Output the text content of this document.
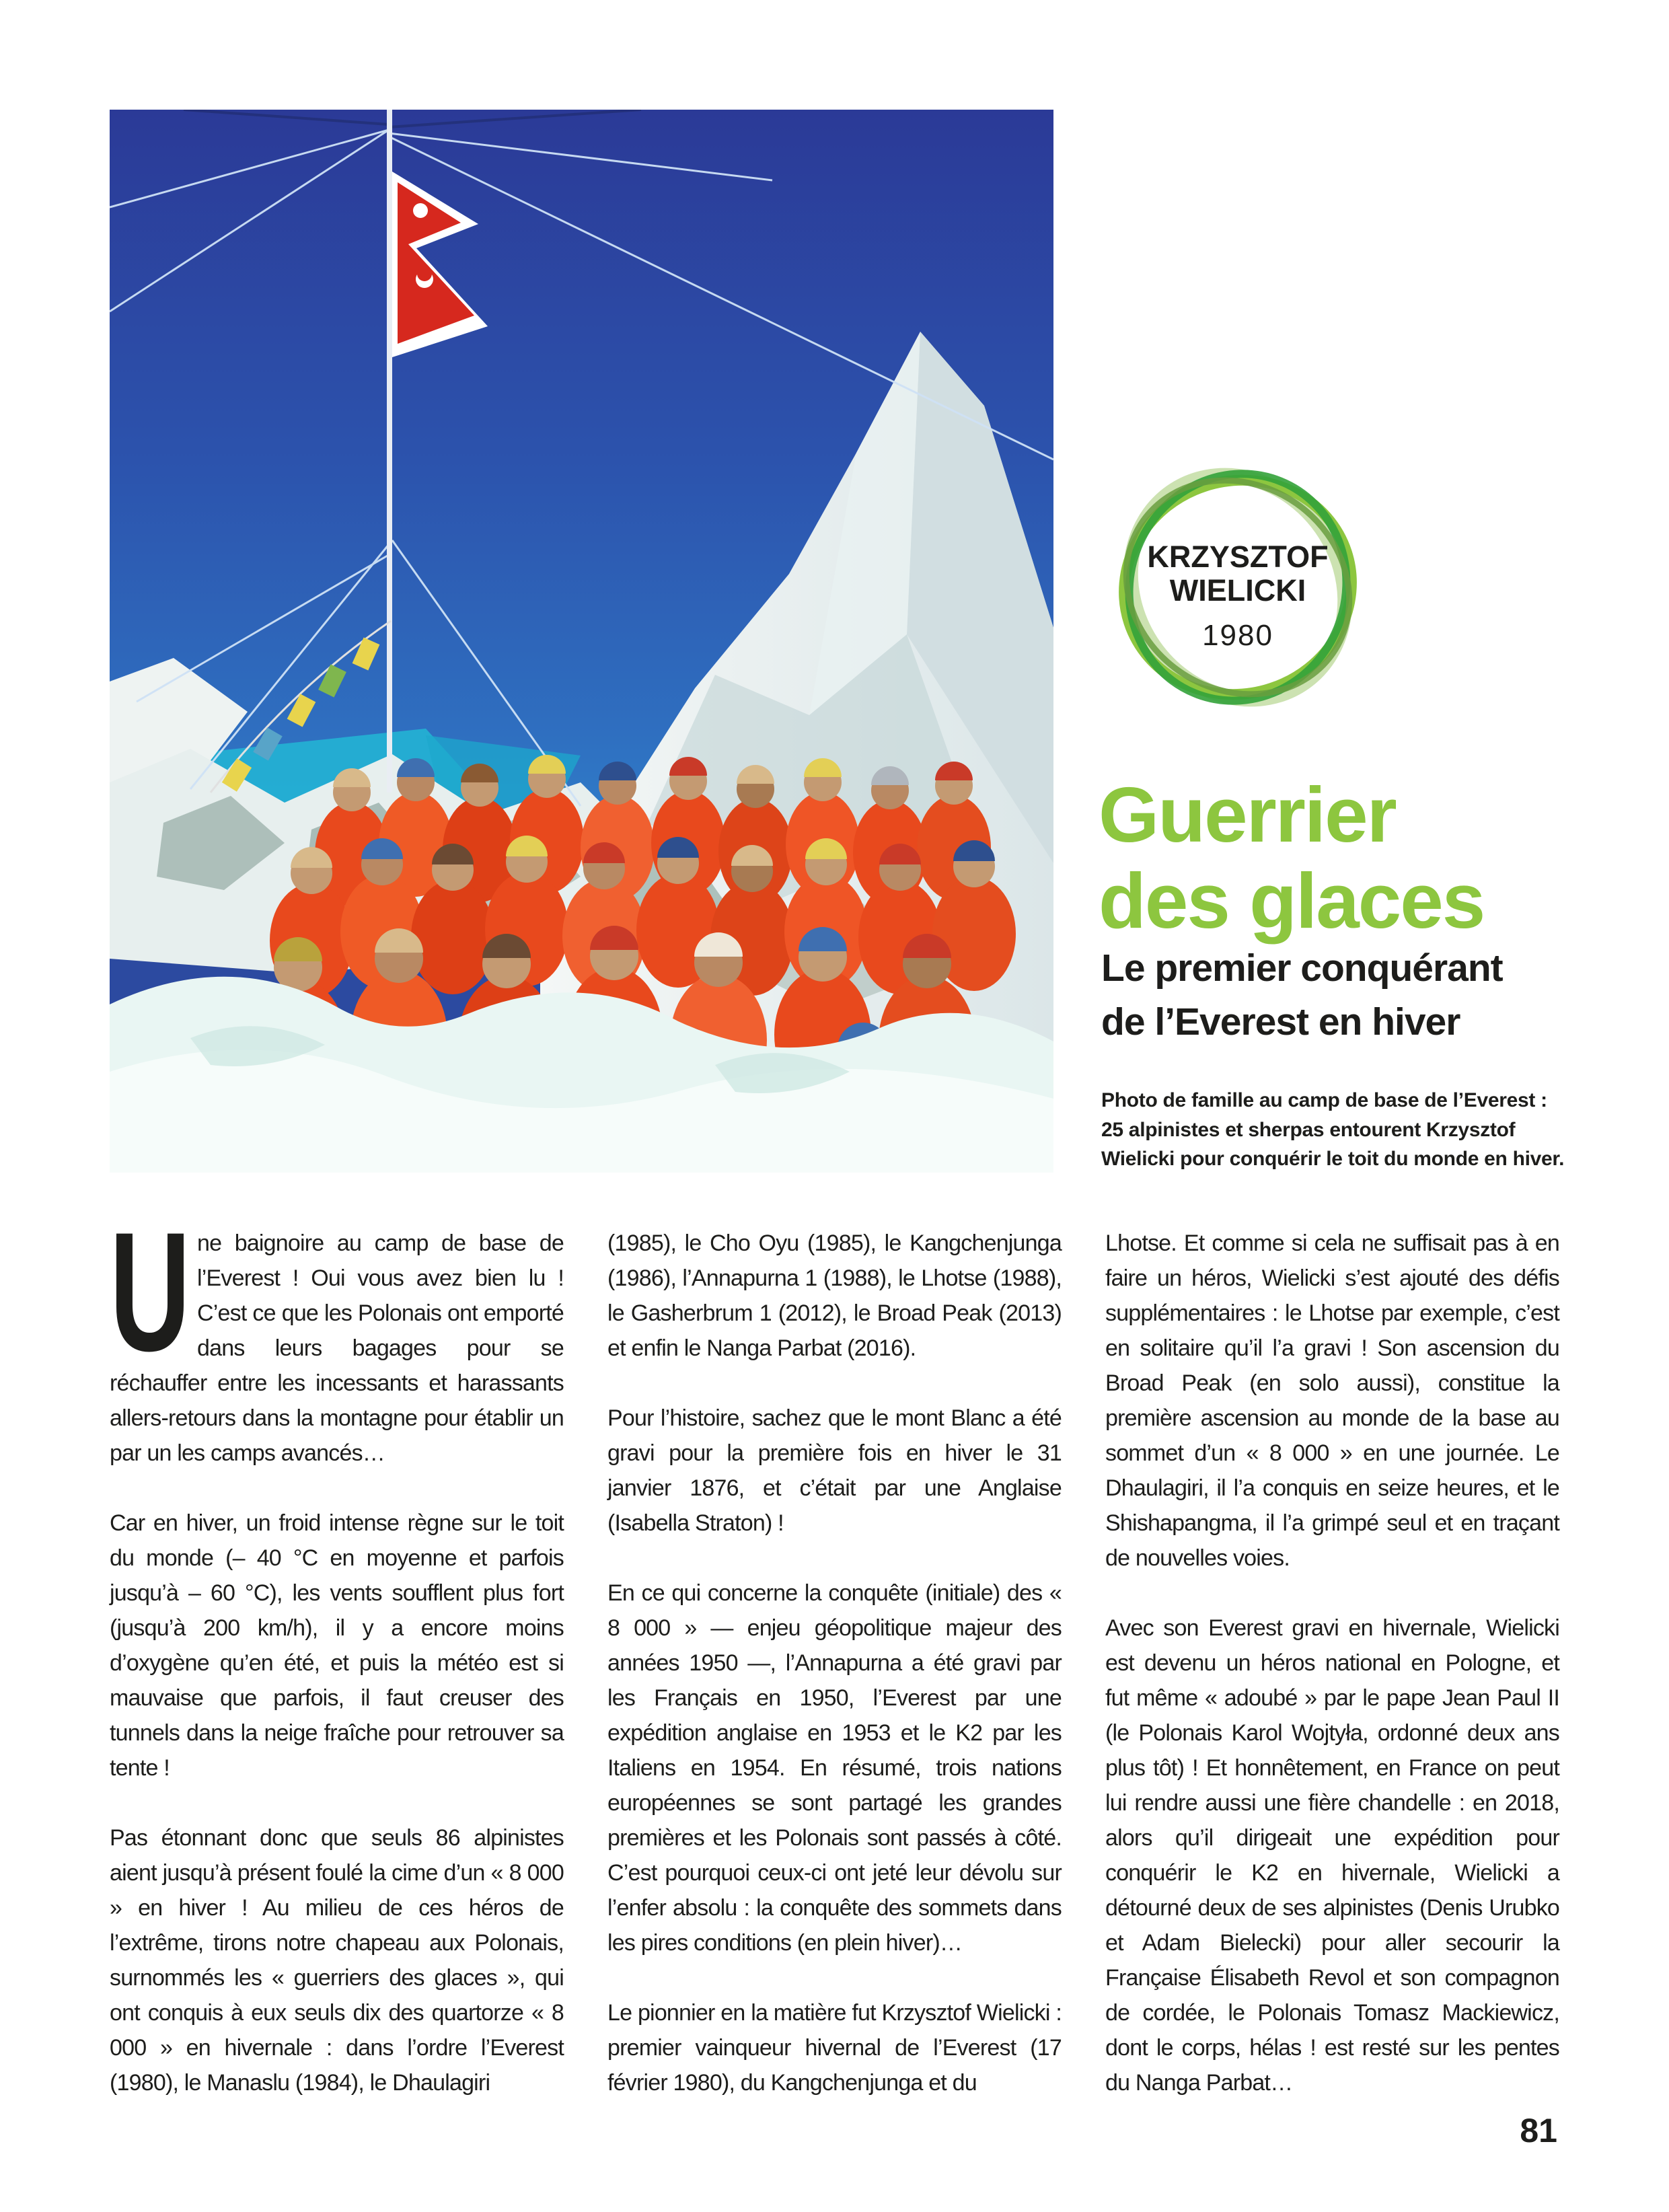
KRZYSZTOF
WIELICKI
1980
Guerrier
des glaces
Le premier conquérant
de l’Everest en hiver

Photo de famille au camp de base de l’Everest : 25 alpinistes et sherpas entourent Krzysztof Wielicki pour conquérir le toit du monde en hiver.

Une baignoire au camp de base de l’Everest ! Oui vous avez bien lu ! C’est ce que les Polonais ont emporté dans leurs bagages pour se réchauffer entre les incessants et harassants allers-retours dans la montagne pour établir un par un les camps avancés…

Car en hiver, un froid intense règne sur le toit du monde (– 40 °C en moyenne et parfois jusqu’à – 60 °C), les vents soufflent plus fort (jusqu’à 200 km/h), il y a encore moins d’oxygène qu’en été, et puis la météo est si mauvaise que parfois, il faut creuser des tunnels dans la neige fraîche pour retrouver sa tente !

Pas étonnant donc que seuls 86 alpinistes aient jusqu’à présent foulé la cime d’un « 8 000 » en hiver ! Au milieu de ces héros de l’extrême, tirons notre chapeau aux Polonais, surnommés les « guerriers des glaces », qui ont conquis à eux seuls dix des quartorze « 8 000 » en hivernale : dans l’ordre l’Everest (1980), le Manaslu (1984), le Dhaulagiri

(1985), le Cho Oyu (1985), le Kangchenjunga (1986), l’Annapurna 1 (1988), le Lhotse (1988), le Gasherbrum 1 (2012), le Broad Peak (2013) et enfin le Nanga Parbat (2016).

Pour l’histoire, sachez que le mont Blanc a été gravi pour la première fois en hiver le 31 janvier 1876, et c’était par une Anglaise (Isabella Straton) !

En ce qui concerne la conquête (initiale) des « 8 000 » — enjeu géopolitique majeur des années 1950 —, l’Annapurna a été gravi par les Français en 1950, l’Everest par une expédition anglaise en 1953 et le K2 par les Italiens en 1954. En résumé, trois nations européennes se sont partagé les grandes premières et les Polonais sont passés à côté. C’est pourquoi ceux-ci ont jeté leur dévolu sur l’enfer absolu : la conquête des sommets dans les pires conditions (en plein hiver)…

Le pionnier en la matière fut Krzysztof Wielicki : premier vainqueur hivernal de l’Everest (17 février 1980), du Kangchenjunga et du

Lhotse. Et comme si cela ne suffisait pas à en faire un héros, Wielicki s’est ajouté des défis supplémentaires : le Lhotse par exemple, c’est en solitaire qu’il l’a gravi ! Son ascension du Broad Peak (en solo aussi), constitue la première ascension au monde de la base au sommet d’un « 8 000 » en une journée. Le Dhaulagiri, il l’a conquis en seize heures, et le Shishapangma, il l’a grimpé seul et en traçant de nouvelles voies.

Avec son Everest gravi en hivernale, Wielicki est devenu un héros national en Pologne, et fut même « adoubé » par le pape Jean Paul II (le Polonais Karol Wojtyła, ordonné deux ans plus tôt) ! Et honnêtement, en France on peut lui rendre aussi une fière chandelle : en 2018, alors qu’il dirigeait une expédition pour conquérir le K2 en hivernale, Wielicki a détourné deux de ses alpinistes (Denis Urubko et Adam Bielecki) pour aller secourir la Française Élisabeth Revol et son compagnon de cordée, le Polonais Tomasz Mackiewicz, dont le corps, hélas ! est resté sur les pentes du Nanga Parbat…

81
